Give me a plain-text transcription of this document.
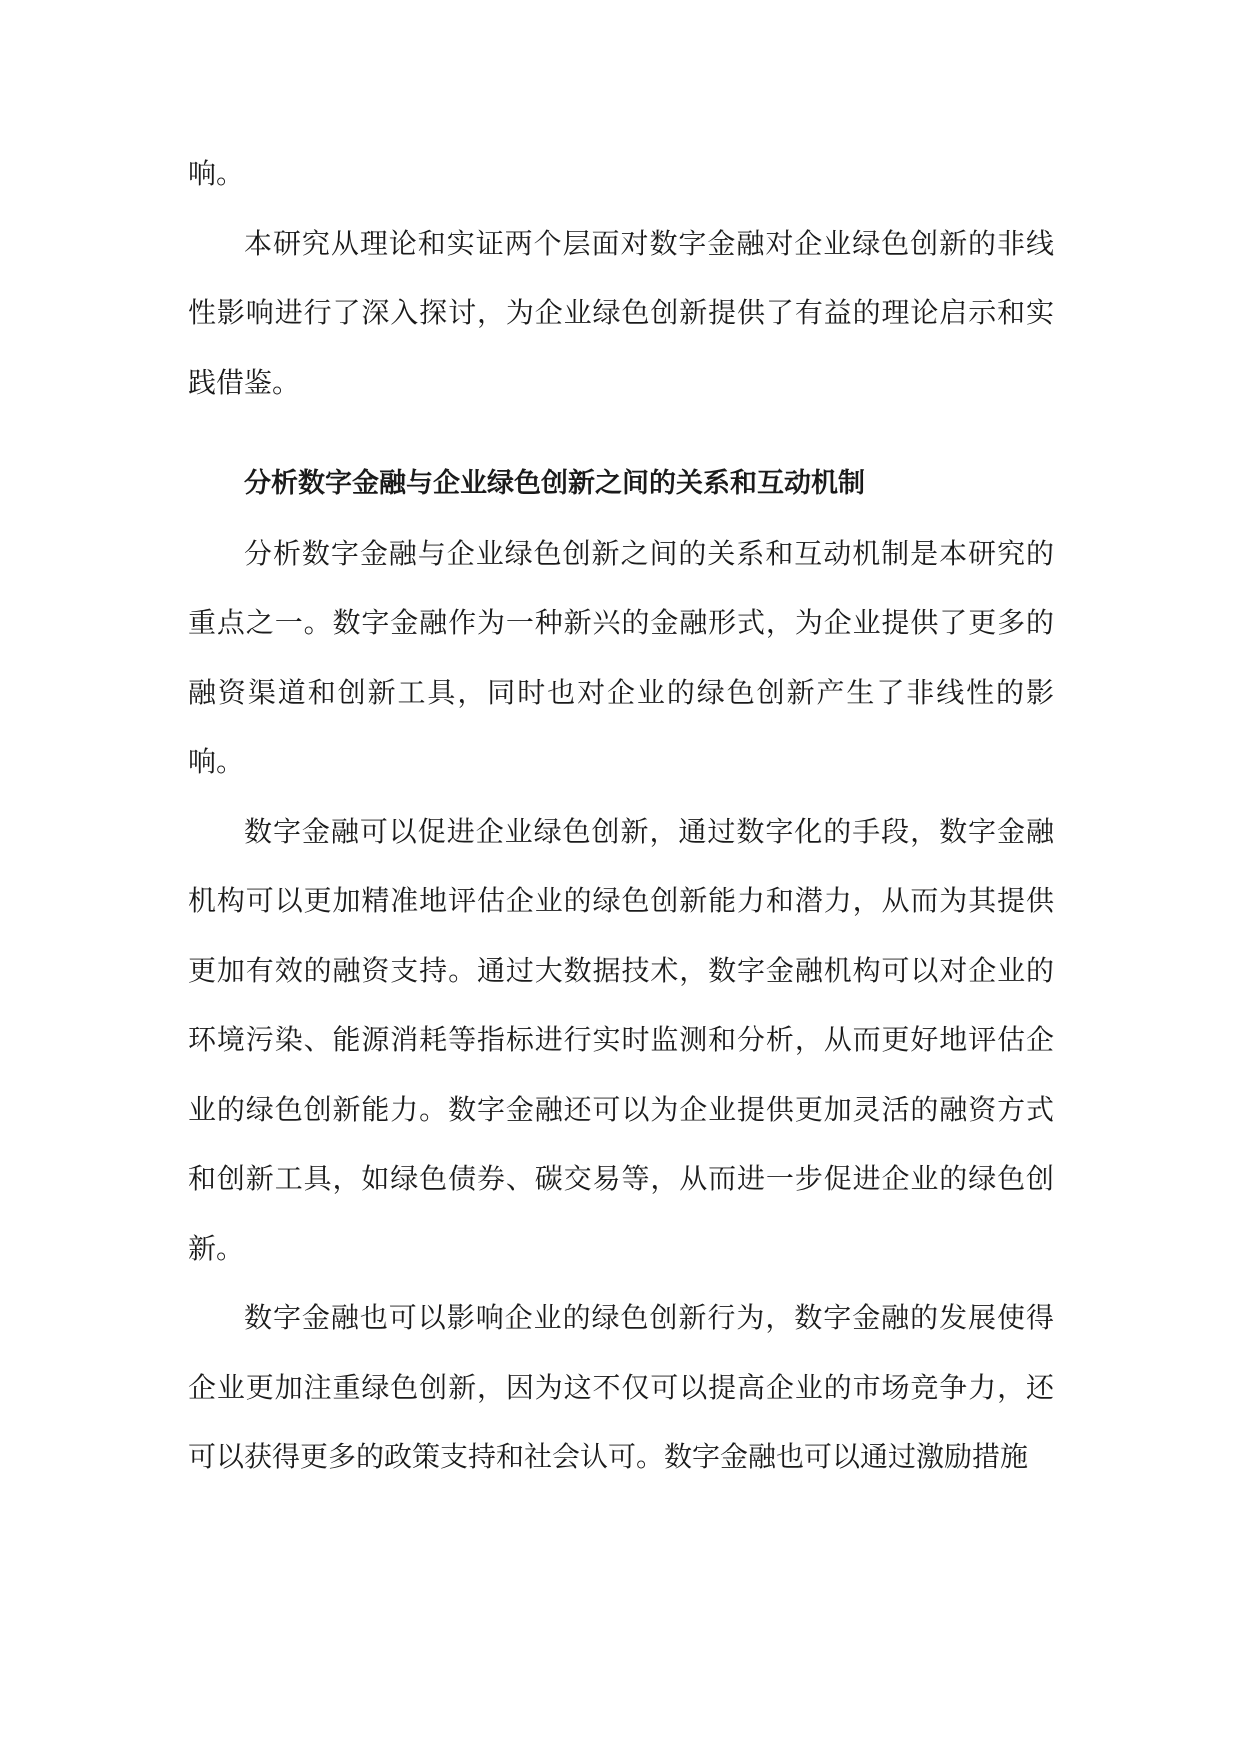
响。

本研究从理论和实证两个层面对数字金融对企业绿色创新的非线性影响进行了深入探讨，为企业绿色创新提供了有益的理论启示和实践借鉴。

分析数字金融与企业绿色创新之间的关系和互动机制

分析数字金融与企业绿色创新之间的关系和互动机制是本研究的重点之一。数字金融作为一种新兴的金融形式，为企业提供了更多的融资渠道和创新工具，同时也对企业的绿色创新产生了非线性的影响。

数字金融可以促进企业绿色创新，通过数字化的手段，数字金融机构可以更加精准地评估企业的绿色创新能力和潜力，从而为其提供更加有效的融资支持。通过大数据技术，数字金融机构可以对企业的环境污染、能源消耗等指标进行实时监测和分析，从而更好地评估企业的绿色创新能力。数字金融还可以为企业提供更加灵活的融资方式和创新工具，如绿色债券、碳交易等，从而进一步促进企业的绿色创新。

数字金融也可以影响企业的绿色创新行为，数字金融的发展使得企业更加注重绿色创新，因为这不仅可以提高企业的市场竞争力，还可以获得更多的政策支持和社会认可。数字金融也可以通过激励措施
